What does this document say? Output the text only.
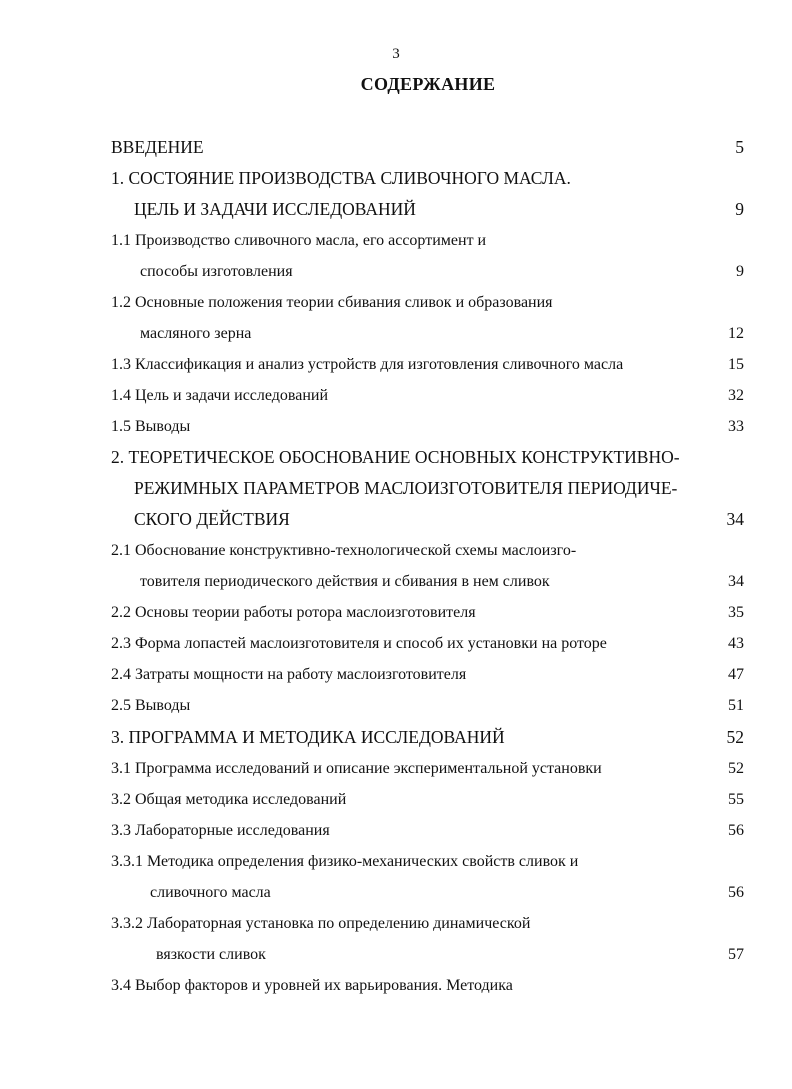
3
СОДЕРЖАНИЕ
ВВЕДЕНИЕ	5
1. СОСТОЯНИЕ ПРОИЗВОДСТВА СЛИВОЧНОГО МАСЛА.
ЦЕЛЬ И ЗАДАЧИ ИССЛЕДОВАНИЙ	9
1.1 Производство сливочного масла, его ассортимент и
способы изготовления	9
1.2 Основные положения теории сбивания сливок и образования
масляного зерна	12
1.3 Классификация и анализ устройств для изготовления сливочного масла	15
1.4 Цель и задачи исследований	32
1.5 Выводы	33
2. ТЕОРЕТИЧЕСКОЕ ОБОСНОВАНИЕ ОСНОВНЫХ КОНСТРУКТИВНО-
РЕЖИМНЫХ ПАРАМЕТРОВ МАСЛОИЗГОТОВИТЕЛЯ ПЕРИОДИЧЕ-
СКОГО ДЕЙСТВИЯ	34
2.1 Обоснование конструктивно-технологической схемы маслоизго-
товителя периодического действия и сбивания в нем сливок	34
2.2 Основы теории работы ротора маслоизготовителя	35
2.3 Форма лопастей маслоизготовителя и способ их установки на роторе	43
2.4 Затраты мощности на работу маслоизготовителя	47
2.5 Выводы	51
3. ПРОГРАММА И МЕТОДИКА ИССЛЕДОВАНИЙ	52
3.1 Программа исследований и описание экспериментальной установки	52
3.2 Общая методика исследований	55
3.3 Лабораторные исследования	56
3.3.1 Методика определения физико-механических свойств сливок и
сливочного масла	56
3.3.2 Лабораторная установка по определению динамической
вязкости сливок	57
3.4 Выбор факторов и уровней их варьирования. Методика
